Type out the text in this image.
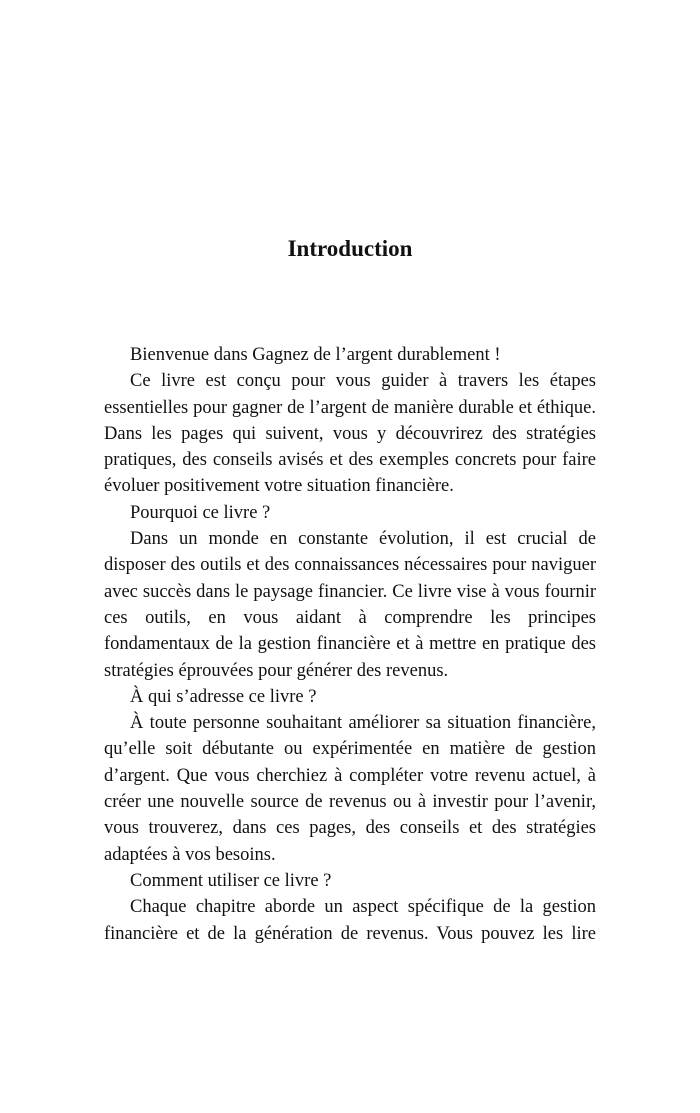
Introduction

Bienvenue dans Gagnez de l’argent durablement !

Ce livre est conçu pour vous guider à travers les étapes essentielles pour gagner de l’argent de manière durable et éthique. Dans les pages qui suivent, vous y découvrirez des stratégies pratiques, des conseils avisés et des exemples concrets pour faire évoluer positivement votre situation financière.

Pourquoi ce livre ?

Dans un monde en constante évolution, il est crucial de disposer des outils et des connaissances nécessaires pour naviguer avec succès dans le paysage financier. Ce livre vise à vous fournir ces outils, en vous aidant à comprendre les principes fondamentaux de la gestion financière et à mettre en pratique des stratégies éprouvées pour générer des revenus.

À qui s’adresse ce livre ?

À toute personne souhaitant améliorer sa situation financière, qu’elle soit débutante ou expérimentée en matière de gestion d’argent. Que vous cherchiez à compléter votre revenu actuel, à créer une nouvelle source de revenus ou à investir pour l’avenir, vous trouverez, dans ces pages, des conseils et des stratégies adaptées à vos besoins.

Comment utiliser ce livre ?

Chaque chapitre aborde un aspect spécifique de la gestion financière et de la génération de revenus. Vous pouvez les lire
